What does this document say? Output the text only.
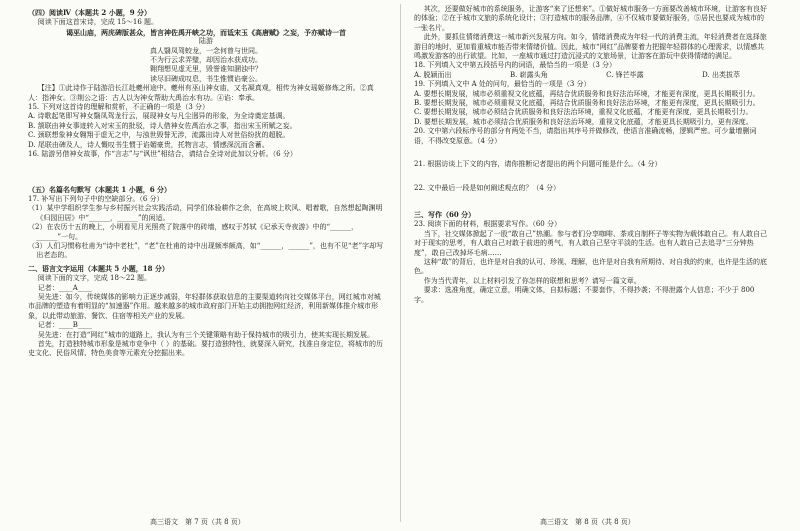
（四）阅读Ⅳ（本题共 2 小题，9 分）
阅读下面这首宋诗，完成 15～16 题。
谒巫山庙，两庑碑版甚众，皆言神佐禹开峡之功，而诋宋玉《高唐赋》之妄，予亦赋诗一首
陆游

真人翳凤驾蛟龙，一念何曾与世同。

不为行云求弄璧，却因治水获成功。

翱翔想见虚无里，毁誉谁知溷浊中？

读尽旧碑成叹息，书生惟惯谄豪公。

【注】①此诗作于陆游沿长江赴夔州途中。夔州有巫山神女庙，又名凝真观，相传为神女瑶姬修炼之所。②真人：指神女。③荆公之语：古人以为神女帮助大禹治水有功。④谄：奉承。
15. 下列对这首诗的理解和赏析，不正确的一项是（3 分）
A. 诗歌起笔即写神女翳凤驾龙行云，展现神女与凡尘迥异的形象，为全诗奠定基调。
B. 颔联由神女事迹转入对宋玉的批驳，诗人借神女佐禹治水之事，指出宋玉所赋之妄。
C. 颈联想象神女翱翔于虚无之中，与浊世毁誉无涉，流露出诗人对世俗纷扰的超脱。
D. 尾联由碑及人，诗人慨叹书生惯于谄媚豪贵，托物言志，情感深沉而含蓄。
16. 陆游另借神女故事，作“言志”与“讽世”相结合，请结合全诗对此加以分析。（6 分）
（五）名篇名句默写（本题共 1 小题，6 分）
17. 补写出下列句子中的空缺部分。（6 分）
（1）某中学组织学生参与乡村振兴社会实践活动，同学们体验耕作之余，在高坡上吹风、唱着歌，自然想起陶渊明《归园田居》中“______，______”的闲适。
（2）在农历十五的晚上，小明看见月光照亮了院落中的砖墙，感叹于苏轼《记承天寺夜游》中的“______，______”一句。
（3）人们习惯称杜甫为“诗中老杜”，“老”在杜甫的诗中出现频率颇高，如“______，______”，也有不见“老”字却写出老态的。
二、语言文字运用（本题共 5 小题，18 分）
阅读下面的文字，完成 18～22 题。
记者：____A____
吴先进：如今，传统媒体的影响力正逐步减弱，年轻群体获取信息的主要渠道转向社交媒体平台，网红城市对城市品牌的塑造有着明显的“加速器”作用。越来越多的城市政府部门开始主动拥抱网红经济，利用新媒体推介城市形象，以此带动旅游、餐饮、住宿等相关产业的发展。
记者：____B____
吴先进：在打造“网红”城市的道路上，我认为有三个关键策略有助于保持城市的吸引力，使其实现长期发展。
首先，打造独特城市形象是城市竞争中（ ）的基础。要打造独特性，就要深入研究，找准自身定位，将城市的历史文化、民俗风情、特色美食等元素充分挖掘出来。
其次，还要做好城市的系统服务，让游客“来了还想来”。①做好城市服务一方面要改善城市环境，让游客有良好的体验；②在于城市文旅的系统化设计；③打造城市的服务品牌，④不仅城市要做好服务，⑤居民也要成为城市的一张名片。
此外，要抓住情绪消费这一城市新兴发展方向。如今，情绪消费成为年轻一代的消费主流，年轻消费者在选择旅游目的地时，更加看重城市能否带来情绪价值。因此，城市“网红”品牌要着力把握年轻群体的心理需求，以情感共鸣激发游客的出行欲望。比如，一座城市通过打造沉浸式的文旅场景，让游客在游玩中获得情绪的满足。
18. 下列填入文中第五段括号内的词语，最恰当的一项是（3 分）
A. 脱颖而出	B. 崭露头角	C. 锋芒毕露	D. 出类拔萃
19. 下列填入文中 A 处的问句，最恰当的一项是（3 分）
A. 要想长期发展，城市必须重视文化底蕴，再结合优质服务和良好法治环境，才能更有深度，更具长期吸引力。
B. 要想长期发展，城市必须重视文化底蕴，再结合优质服务和良好法治环境，才能更有深度，更具长期吸引力。
C. 要想长期发展，城市必须结合优质服务和良好法治环境，重视文化底蕴，才能更有深度，更具长期吸引力。
D. 要想长期发展，城市必须结合优质服务和良好法治环境，重视文化底蕴，才能更具长期吸引力，更有深度。
20. 文中第六段标序号的部分有两处不当，请指出其序号并做修改，使语言准确流畅，逻辑严密。可少量增删词语，不得改变原意。（4 分）
21. 根据访谈上下文的内容，请你推断记者提出的两个问题可能是什么。（4 分）
22. 文中最后一段是如何阐述观点的？（4 分）
三、写作（60 分）
23. 阅读下面的材料，根据要求写作。（60 分）
当下，社交媒体掀起了一股“敢自己”热潮。参与者们分享咖啡、茶或自制杯子等实物为载体敢自己。有人敢自己对于现实的思考，有人敢自己对敢于前进的勇气，有人敢自己坚守平淡的生活。也有人敢自己去追寻“三分钟热度”，敢自己改掉坏毛病……
这种“敢”的背后，也许是对自我的认可、珍视、理解，也许是对自我有所期待、对自我的约束，也许是生活的底色。
作为当代青年，以上材料引发了你怎样的联想和思考？请写一篇文章。
要求：选准角度，确定立意，明确文体，自拟标题；不要套作，不得抄袭；不得泄露个人信息；不少于 800 字。
高三语文　第 7 页（共 8 页）	高三语文　第 8 页（共 8 页）
